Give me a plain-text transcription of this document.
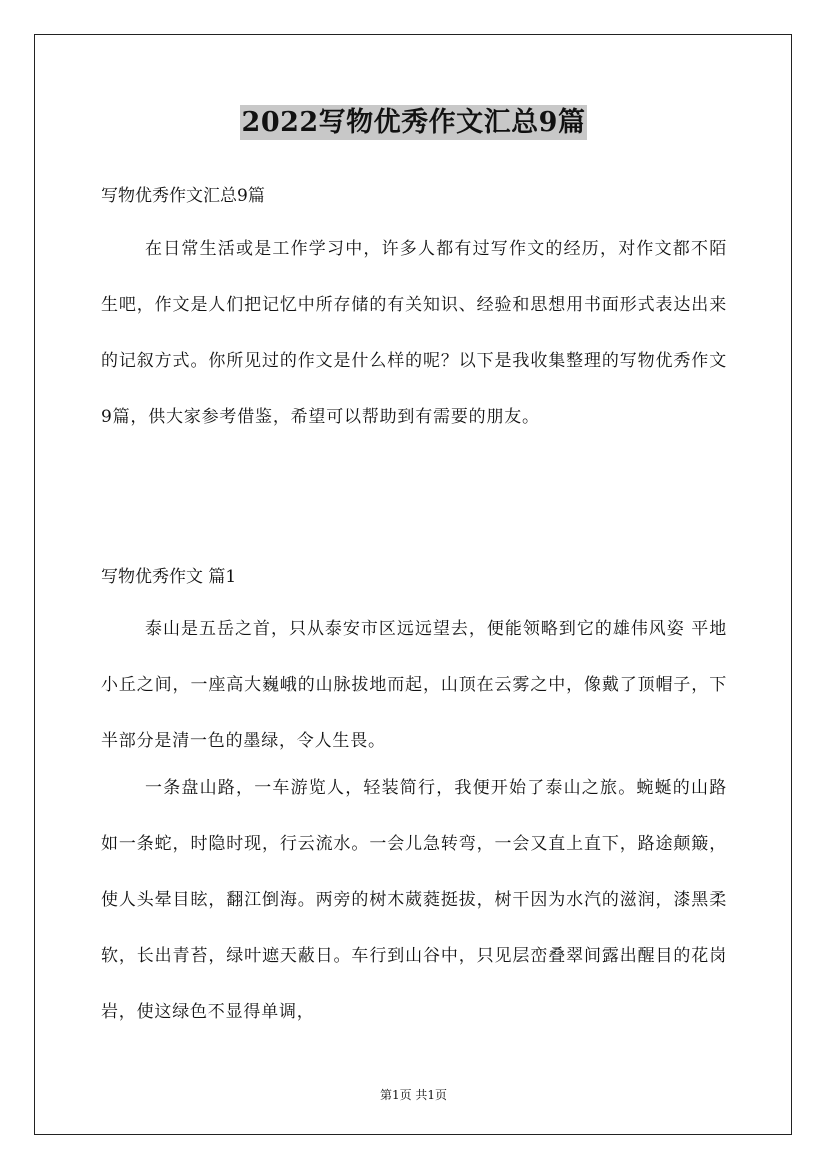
2022写物优秀作文汇总9篇
写物优秀作文汇总9篇

在日常生活或是工作学习中，许多人都有过写作文的经历，对作文都不陌生吧，作文是人们把记忆中所存储的有关知识、经验和思想用书面形式表达出来的记叙方式。你所见过的作文是什么样的呢？以下是我收集整理的写物优秀作文9篇，供大家参考借鉴，希望可以帮助到有需要的朋友。

写物优秀作文 篇1

泰山是五岳之首，只从泰安市区远远望去，便能领略到它的雄伟风姿 平地小丘之间，一座高大巍峨的山脉拔地而起，山顶在云雾之中，像戴了顶帽子，下半部分是清一色的墨绿，令人生畏。

一条盘山路，一车游览人，轻装简行，我便开始了泰山之旅。蜿蜒的山路如一条蛇，时隐时现，行云流水。一会儿急转弯，一会又直上直下，路途颠簸，使人头晕目眩，翻江倒海。两旁的树木葳蕤挺拔，树干因为水汽的滋润，漆黑柔软，长出青苔，绿叶遮天蔽日。车行到山谷中，只见层峦叠翠间露出醒目的花岗岩，使这绿色不显得单调，

第1页 共1页
